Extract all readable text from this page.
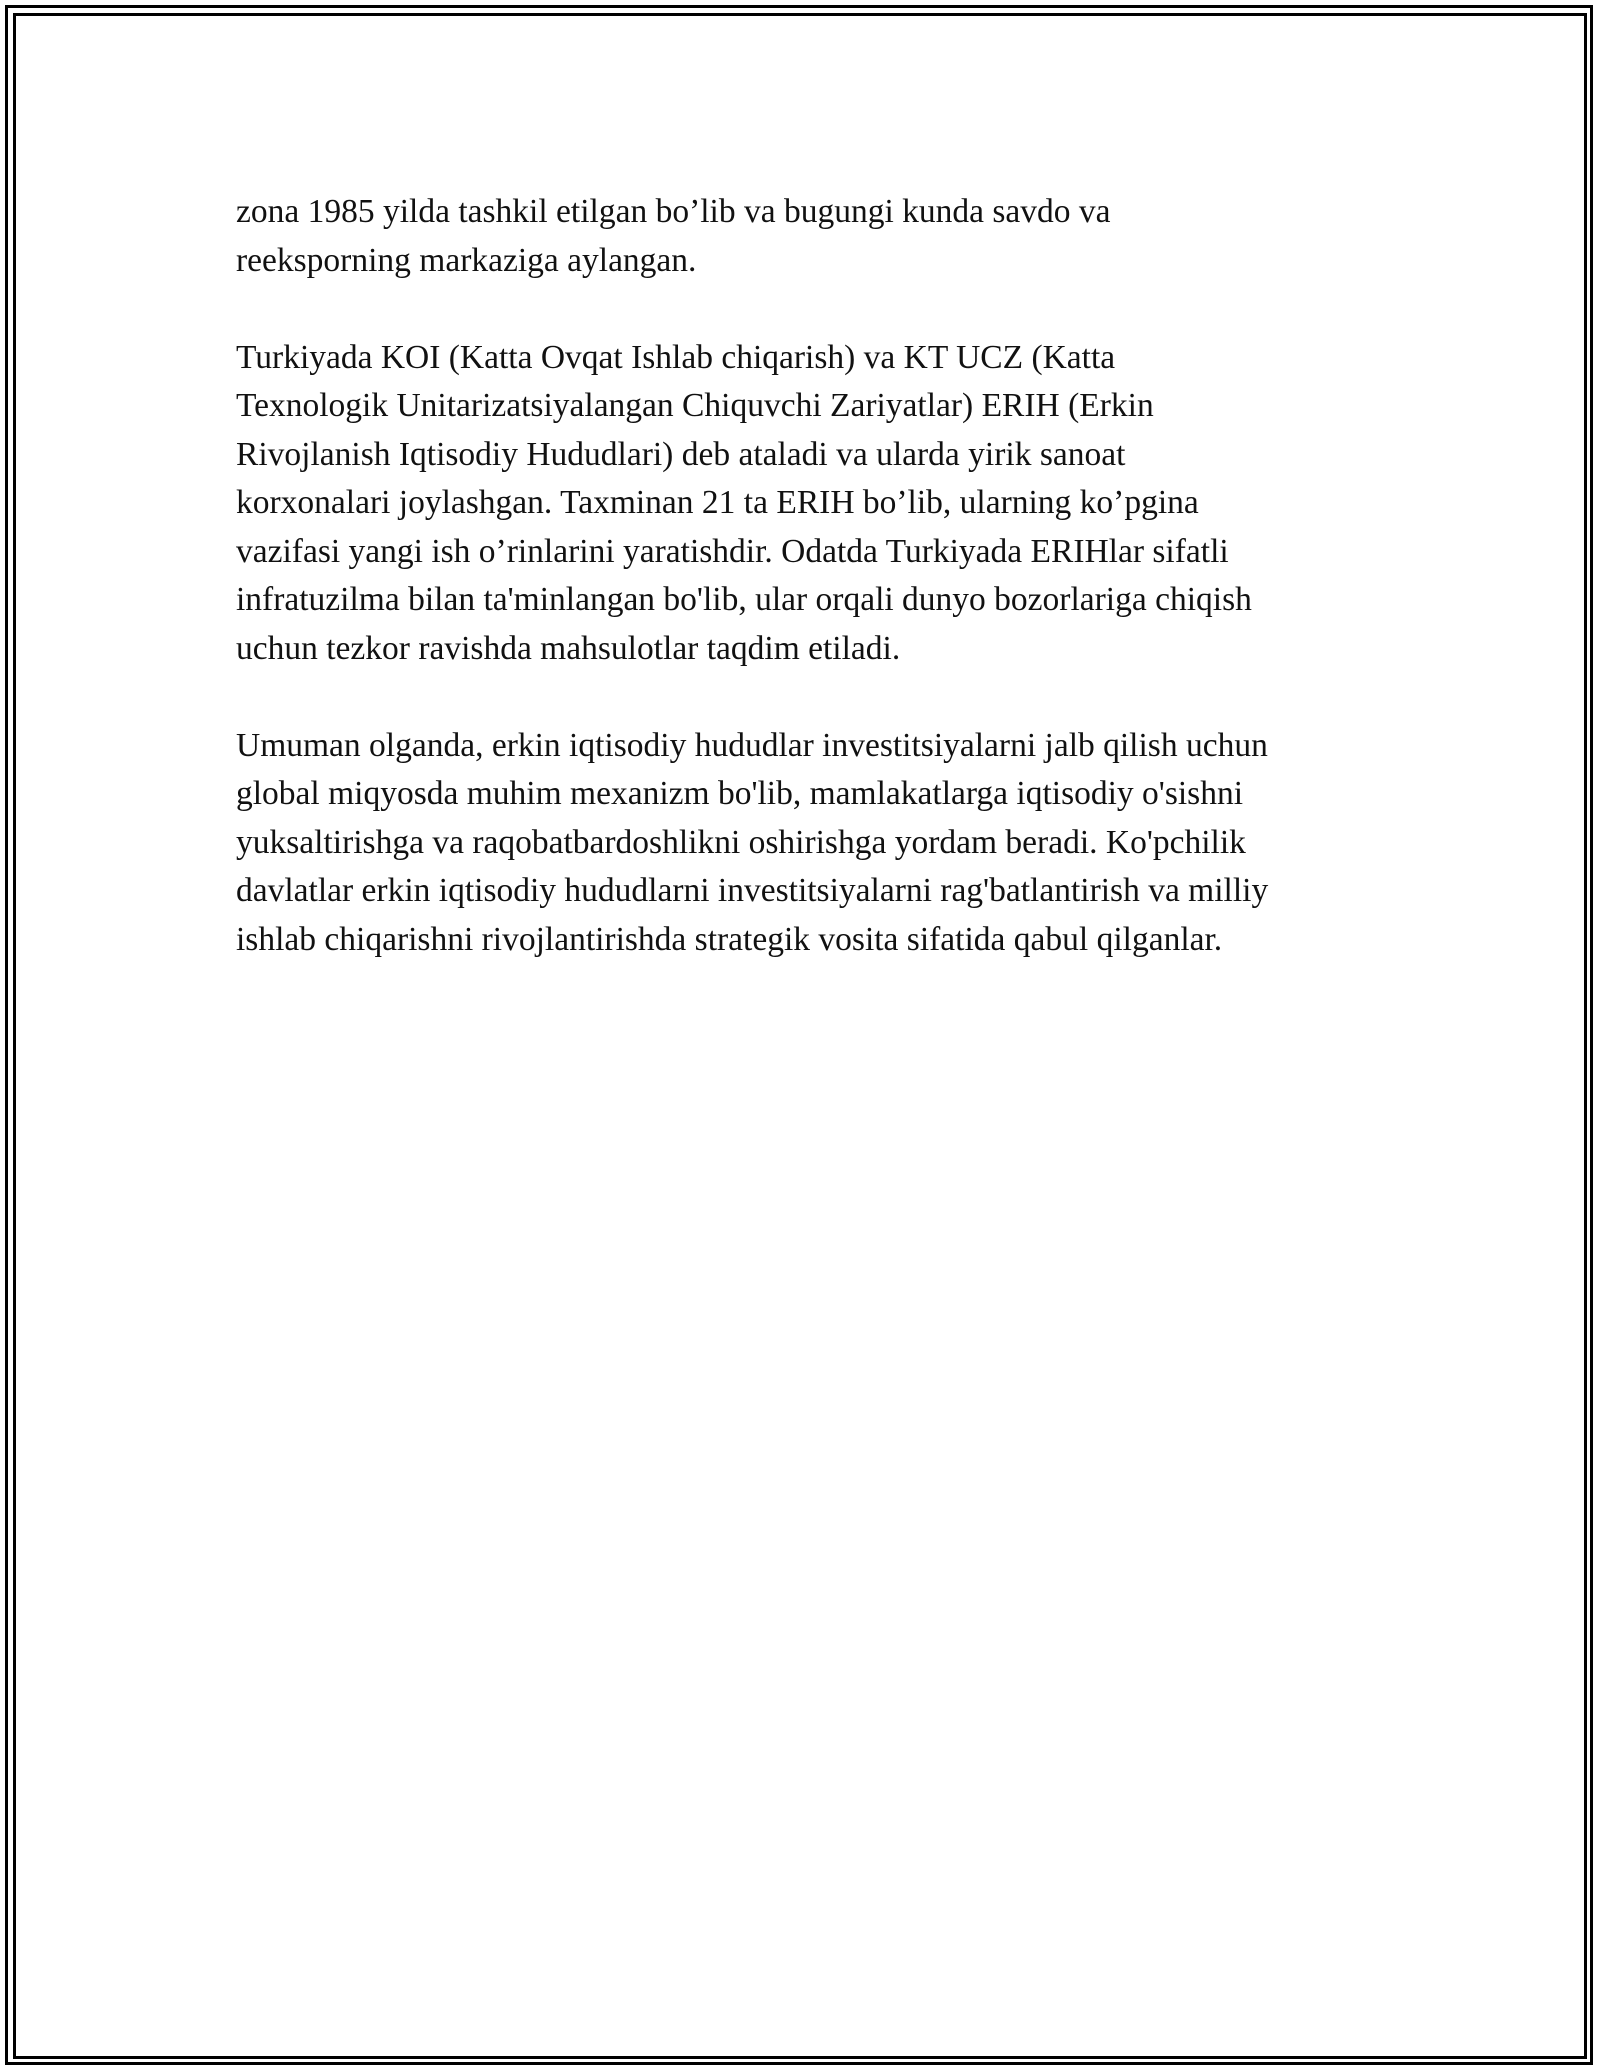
zona 1985 yilda tashkil etilgan bo’lib va bugungi kunda savdo va
reeksporning markaziga aylangan.

Turkiyada KOI (Katta Ovqat Ishlab chiqarish) va KT UCZ (Katta
Texnologik Unitarizatsiyalangan Chiquvchi Zariyatlar) ERIH (Erkin
Rivojlanish Iqtisodiy Hududlari) deb ataladi va ularda yirik sanoat
korxonalari joylashgan. Taxminan 21 ta ERIH bo’lib, ularning ko’pgina
vazifasi yangi ish o’rinlarini yaratishdir. Odatda Turkiyada ERIHlar sifatli
infratuzilma bilan ta'minlangan bo'lib, ular orqali dunyo bozorlariga chiqish
uchun tezkor ravishda mahsulotlar taqdim etiladi.

Umuman olganda, erkin iqtisodiy hududlar investitsiyalarni jalb qilish uchun
global miqyosda muhim mexanizm bo'lib, mamlakatlarga iqtisodiy o'sishni
yuksaltirishga va raqobatbardoshlikni oshirishga yordam beradi. Ko'pchilik
davlatlar erkin iqtisodiy hududlarni investitsiyalarni rag'batlantirish va milliy
ishlab chiqarishni rivojlantirishda strategik vosita sifatida qabul qilganlar.
